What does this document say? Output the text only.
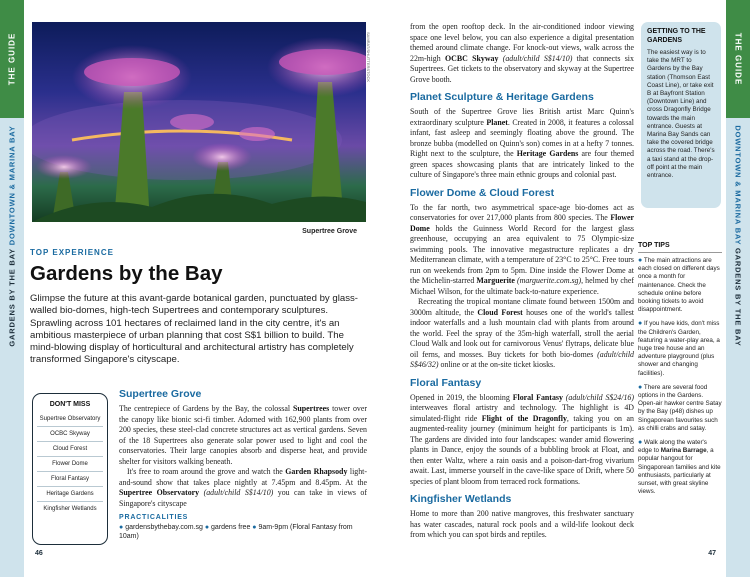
THE GUIDE
GARDENS BY THE BAY DOWNTOWN & MARINA BAY
THE GUIDE
DOWNTOWN & MARINA BAY GARDENS BY THE BAY
SAMRAT/SHUTTERSTOCK
Supertree Grove
TOP EXPERIENCE
Gardens by the Bay
Glimpse the future at this avant-garde botanical garden, punctuated by glass-walled bio-domes, high-tech Supertrees and contemporary sculptures. Sprawling across 101 hectares of reclaimed land in the city centre, it's an ambitious masterpiece of urban planning that cost S$1 billion to build. The mind-blowing display of horticultural and architectural artistry has completely transformed Singapore's cityscape.
DON'T MISS
Supertree Observatory
OCBC Skyway
Cloud Forest
Flower Dome
Floral Fantasy
Heritage Gardens
Kingfisher Wetlands
Supertree Grove

The centrepiece of Gardens by the Bay, the colossal Supertrees tower over the canopy like bionic sci-fi timber. Adorned with 162,900 plants from over 200 species, these steel-clad concrete structures act as vertical gardens. Seven of the 18 Supertrees also generate solar power used to light and cool the conservatories. Their large canopies absorb and disperse heat, and provide shelter for visitors walking beneath.

It's free to roam around the grove and watch the Garden Rhapsody light-and-sound show that takes place nightly at 7.45pm and 8.45pm. At the Supertree Observatory (adult/child S$14/10) you can take in views of Singapore's cityscape

PRACTICALITIES
● gardensbythebay.com.sg ● gardens free ● 9am-9pm (Floral Fantasy from 10am)
46

from the open rooftop deck. In the air-conditioned indoor viewing space one level below, you can also experience a digital presentation themed around climate change. For knock-out views, walk across the 22m-high OCBC Skyway (adult/child S$14/10) that connects six Supertrees. Get tickets to the observatory and skyway at the Supertree Grove booth.

Planet Sculpture & Heritage Gardens

South of the Supertree Grove lies British artist Marc Quinn's extraordinary sculpture Planet. Created in 2008, it features a colossal infant, fast asleep and seemingly floating above the ground. The bronze bubba (modelled on Quinn's son) comes in at a hefty 7 tonnes. Right next to the sculpture, the Heritage Gardens are four themed green spaces showcasing plants that are intricately linked to the culture of Singapore's three main ethnic groups and colonial past.

Flower Dome & Cloud Forest

To the far north, two asymmetrical space-age bio-domes act as conservatories for over 217,000 plants from 800 species. The Flower Dome holds the Guinness World Record for the largest glass greenhouse, occupying an area equivalent to 75 Olympic-size swimming pools. The innovative megastructure replicates a dry Mediterranean climate, with a temperature of 23°C to 25°C. Free tours run on weekends from 2pm to 5pm. Dine inside the Flower Dome at the Michelin-starred Marguerite (marguerite.com.sg), helmed by chef Michael Wilson, for the ultimate back-to-nature experience.

Recreating the tropical montane climate found between 1500m and 3000m altitude, the Cloud Forest houses one of the world's tallest indoor waterfalls and a lush mountain clad with plants from around the world. Feel the spray of the 35m-high waterfall, stroll the aerial Cloud Walk and look out for carnivorous Venus' flytraps, delicate blue oil ferns, and mosses. Buy tickets for both bio-domes (adult/child S$46/32) online or at the on-site ticket kiosks.

Floral Fantasy

Opened in 2019, the blooming Floral Fantasy (adult/child S$24/16) interweaves floral artistry and technology. The highlight is 4D simulated-flight ride Flight of the Dragonfly, taking you on an augmented-reality journey (minimum height for participants is 1m). The gardens are divided into four landscapes: wander amid flowering plants in Dance, enjoy the sounds of a bubbling brook at Float, and then enter Waltz, where a rain oasis and a poison-dart-frog vivarium await. Last, immerse yourself in the cave-like space of Drift, where 50 species of plant bloom from terraced rock formations.

Kingfisher Wetlands
Home to more than 200 native mangroves, this freshwater sanctuary has water cascades, natural rock pools and a wild-life lookout deck from which you can spot birds and reptiles.
GETTING TO THE GARDENS
The easiest way is to take the MRT to Gardens by the Bay station (Thomson East Coast Line), or take exit B at Bayfront Station (Downtown Line) and cross Dragonfly Bridge towards the main entrance. Guests at Marina Bay Sands can take the covered bridge across the road. There's a taxi stand at the drop-off point at the main entrance.
TOP TIPS
● The main attractions are each closed on different days once a month for maintenance. Check the schedule online before booking tickets to avoid disappointment.
● If you have kids, don't miss the Children's Garden, featuring a water-play area, a huge tree house and an adventure playground (plus shower and changing facilities).
● There are several food options in the Gardens. Open-air hawker centre Satay by the Bay (p48) dishes up Singaporean favourites such as chilli crabs and satay.
● Walk along the water's edge to Marina Barrage, a popular hangout for Singaporean families and kite enthusiasts, particularly at sunset, with great skyline views.
47
